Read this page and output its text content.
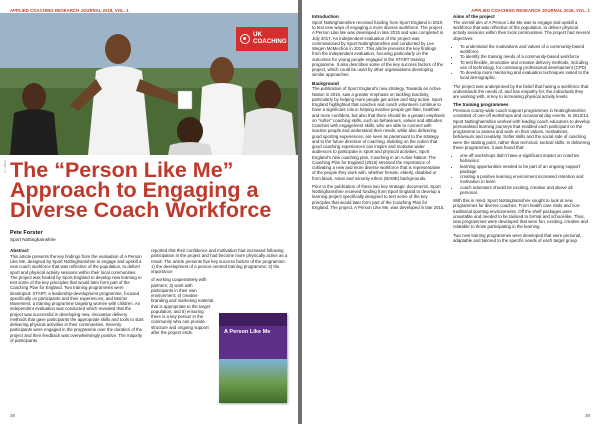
APPLIED COACHING RESEARCH JOURNAL 2018, VOL. 1
UK
COACHING
© UKCC The “Person Like Me” Approach to Engaging a Diverse Coach Workforce
Pete Forster
Sport Nottinghamshire
Abstract

This article presents the key findings from the evaluation of A Person Like Me, designed by Sport Nottinghamshire to engage and upskill a new coach workforce that was reflective of the population, to deliver sport and physical activity sessions within their local communities. The project was funded by Sport England to develop new learning to test some of the key principles that would later form part of the Coaching Plan for England. Two training programmes were developed: START, a leadership-development programme, focused specifically on participants and their experiences; and Moms! Movement, a training programme targeting women with children. An independent evaluation was conducted which revealed that the project was successful in developing new, innovative delivery methods that gave participants the appropriate skills and tools to start delivering physical activities in their communities. Seventy participants were engaged in the programme over the duration of the project and their feedback was overwhelmingly positive. The majority of participants

reported that their confidence and motivation had increased following participation in the project and had become more physically active as a result. The article presents five key success factors of the programme: 1) the development of a person-centred training programme; 2) the importance

of working cooperatively with partners; 3) work with participants in their own environment; 4) creative branding and marketing material that is appropriate to the target population; and 5) ensuring there is a key person in the community who can provide structure and ongoing support after the project ends.	A Person Like Me
38
APPLIED COACHING RESEARCH JOURNAL 2018, VOL. 1
Introduction

Sport Nottinghamshire received funding from Sport England in 2015 to test new ways of engaging a more diverse workforce. The project A Person Like Me was developed in late 2015 and was completed in July 2017. An independent evaluation of the project was commissioned by Sport Nottinghamshire and conducted by Lee Wegen McMechon in 2017. This article presents the key findings from the independent evaluation, focusing particularly on the outcomes for young people engaged in the START training programme. It also describes some of the key success factors of the project, which could be used by other organisations developing similar approaches.

Background

The publication of Sport England’s new strategy, Towards an Active Nation in 2016, saw a greater emphasis on tackling inactivity, particularly by helping more people get active and stay active. Sport England highlighted that coaches and coach volunteers continue to have a significant role in helping inactive people get fitter, healthier and more confident, but also that there should be a greater emphasis on “softer” coaching skills, such as behaviours, values and attitudes. Coaches with engagement skills, who are able to connect with inactive people and understand their needs, while also delivering good sporting experiences, are seen as paramount to the strategy and to the future direction of coaching. Building on the notion that good coaching experiences can inspire and motivate wider audiences to participate in sport and physical activities, Sport England’s new coaching plan, Coaching in an Active Nation: The Coaching Plan for England (2016) stressed the importance of cultivating a new and more diverse workforce that is representative of the people they work with, whether female, elderly, disabled or from black, Asian and minority ethnic (BAME) backgrounds.

Prior to the publication of these two key strategic documents, Sport Nottinghamshire received funding from Sport England to develop a learning project specifically designed to test some of the key principles that would later form part of the Coaching Plan for England. The project, A Person Like Me, was developed in late 2015.

Aims of the project

The overall aim of A Person Like Me was to engage and upskill a workforce that was reflective of the population, to deliver physical activity sessions within their local communities. The project had several objectives:

• To understand the motivations and values of a community-based workforce
• To identify the training needs of a community-based workforce
• To test flexible, innovative and creative delivery methods, including use of technology, for continuing professional development (CPD)
• To develop more mentoring and evaluation techniques suited to the local demographic.

The project was underpinned by the belief that having a workforce that understands the needs of, and has empathy for, the individuals they are working with, is key to increasing physical activity levels.

The training programmes

Previous county-wide coach support programmes in Nottinghamshire consisted of one-off workshops and occasional day events. In 2013/14, Sport Nottinghamshire worked with leading coach educators to develop personalised learning journeys that enabled each participant on the programme to assess and work on their values, motivations, behaviours and creativity. Softer skills and the social side of coaching were the starting point, rather than technical, tactical skills. In delivering these programmes, it was found that:

• one-off workshops didn’t have a significant impact on coaches behaviour
• learning opportunities needed to be part of an ongoing support package
• creating a positive learning environment increased retention and motivation to learn
• coach educators should be exciting, creative and above all personal.

With this in mind, Sport Nottinghamshire sought to look at new programmes for diverse coaches. From health care visits and non-traditional sporting environments. Off the shelf packages were unsuitable and needed to be tailored to formal and school-like. Thus, new programmes were developed that were fun, exciting, creative and relatable to those participating in the learning.

Two new training programmes were developed that were personal, adaptable and tailored to the specific needs of each target group.

39
